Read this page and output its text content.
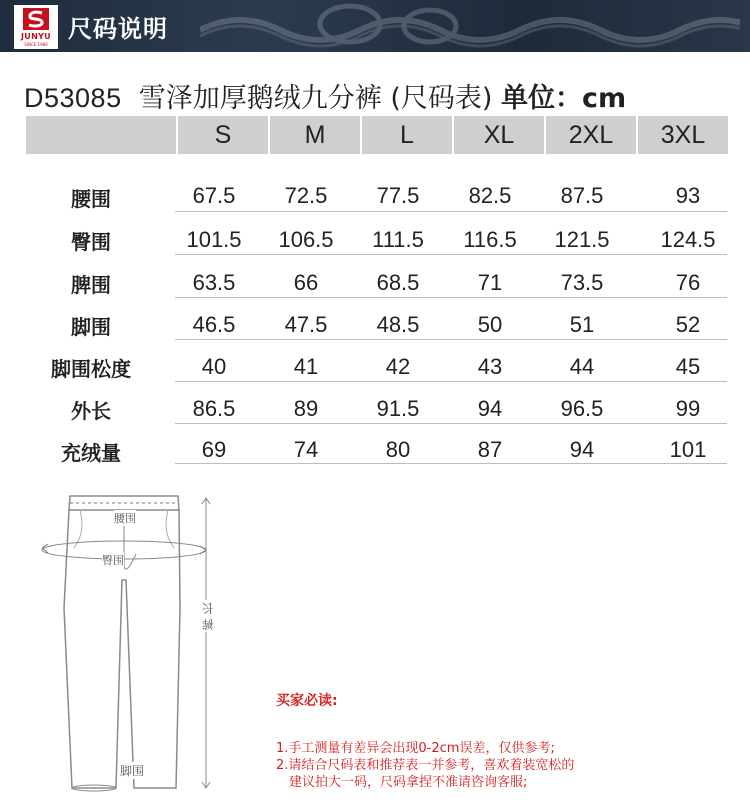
JUNYU
SINCE 1986
尺码说明
D53085 雪泽加厚鹅绒九分裤 (尺码表) 单位：cm
S	M	L	XL	2XL	3XL
腰围	67.5	72.5	77.5	82.5	87.5	93
臀围	101.5	106.5	111.5	116.5	121.5	124.5
脾围	63.5	66	68.5	71	73.5	76
脚围	46.5	47.5	48.5	50	51	52
脚围松度	40	41	42	43	44	45
外长	86.5	89	91.5	94	96.5	99
充绒量	69	74	80	87	94	101
腰围
臀围
脚围
裤长
买家必读:
1.手工测量有差异会出现0-2cm误差，仅供参考;
2.请结合尺码表和推荐表一并参考，喜欢着装宽松的
建议拍大一码，尺码拿捏不准请咨询客服;
